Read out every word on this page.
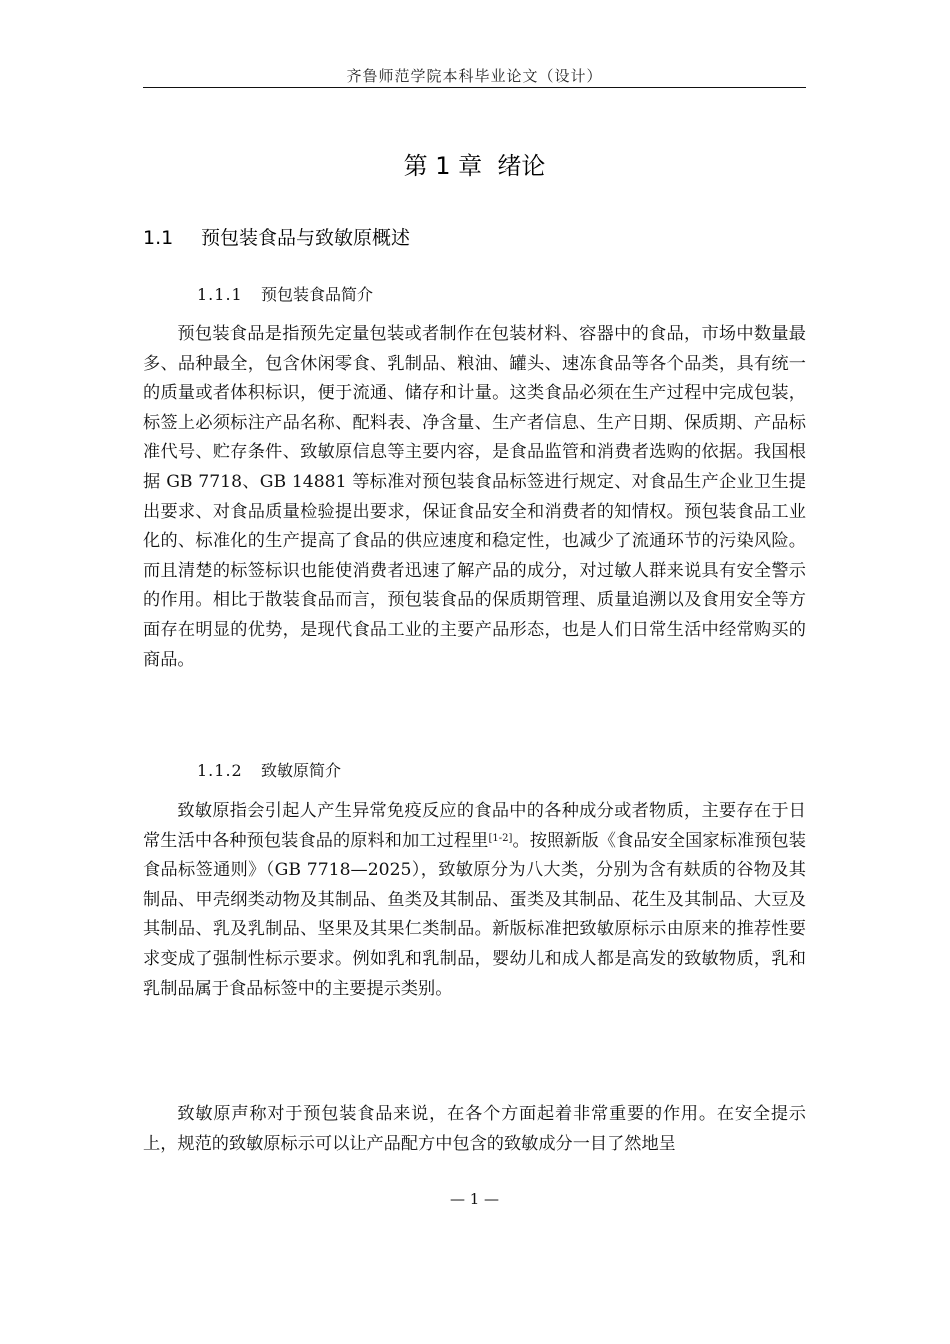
齐鲁师范学院本科毕业论文（设计）
第 1 章 绪论
1.1 预包装食品与致敏原概述
1.1.1 预包装食品简介

预包装食品是指预先定量包装或者制作在包装材料、容器中的食品，市场中数量最多、品种最全，包含休闲零食、乳制品、粮油、罐头、速冻食品等各个品类，具有统一的质量或者体积标识，便于流通、储存和计量。这类食品必须在生产过程中完成包装，标签上必须标注产品名称、配料表、净含量、生产者信息、生产日期、保质期、产品标准代号、贮存条件、致敏原信息等主要内容，是食品监管和消费者选购的依据。我国根据 GB 7718、GB 14881 等标准对预包装食品标签进行规定、对食品生产企业卫生提出要求、对食品质量检验提出要求，保证食品安全和消费者的知情权。预包装食品工业化的、标准化的生产提高了食品的供应速度和稳定性，也减少了流通环节的污染风险。而且清楚的标签标识也能使消费者迅速了解产品的成分，对过敏人群来说具有安全警示的作用。相比于散装食品而言，预包装食品的保质期管理、质量追溯以及食用安全等方面存在明显的优势，是现代食品工业的主要产品形态，也是人们日常生活中经常购买的商品。

1.1.2 致敏原简介

致敏原指会引起人产生异常免疫反应的食品中的各种成分或者物质，主要存在于日常生活中各种预包装食品的原料和加工过程里[1-2]。按照新版《食品安全国家标准预包装食品标签通则》（GB 7718—2025），致敏原分为八大类，分别为含有麸质的谷物及其制品、甲壳纲类动物及其制品、鱼类及其制品、蛋类及其制品、花生及其制品、大豆及其制品、乳及乳制品、坚果及其果仁类制品。新版标准把致敏原标示由原来的推荐性要求变成了强制性标示要求。例如乳和乳制品，婴幼儿和成人都是高发的致敏物质，乳和乳制品属于食品标签中的主要提示类别。

致敏原声称对于预包装食品来说，在各个方面起着非常重要的作用。在安全提示上，规范的致敏原标示可以让产品配方中包含的致敏成分一目了然地呈

— 1 —
